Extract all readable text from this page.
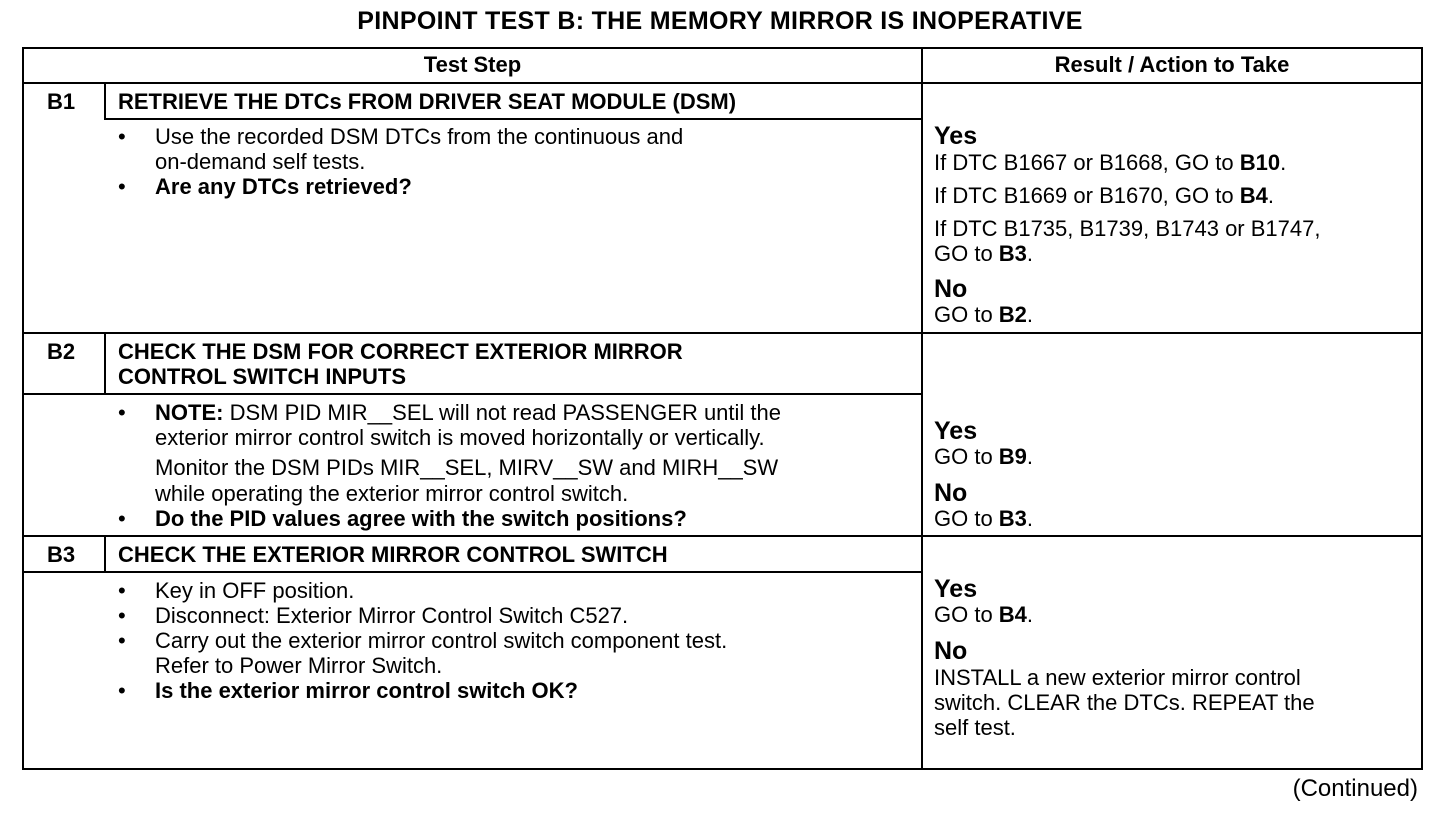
PINPOINT TEST B: THE MEMORY MIRROR IS INOPERATIVE
Test Step	Result / Action to Take
B1 RETRIEVE THE DTCs FROM DRIVER SEAT MODULE (DSM)
• Use the recorded DSM DTCs from the continuous and
on-demand self tests.
• Are any DTCs retrieved?
Yes
If DTC B1667 or B1668, GO to B10.
If DTC B1669 or B1670, GO to B4.
If DTC B1735, B1739, B1743 or B1747,
GO to B3.
No
GO to B2.
B2 CHECK THE DSM FOR CORRECT EXTERIOR MIRROR
CONTROL SWITCH INPUTS
• NOTE: DSM PID MIR__SEL will not read PASSENGER until the
exterior mirror control switch is moved horizontally or vertically.
Monitor the DSM PIDs MIR__SEL, MIRV__SW and MIRH__SW
while operating the exterior mirror control switch.
• Do the PID values agree with the switch positions?
Yes
GO to B9.
No
GO to B3.
B3 CHECK THE EXTERIOR MIRROR CONTROL SWITCH
• Key in OFF position.
• Disconnect: Exterior Mirror Control Switch C527.
• Carry out the exterior mirror control switch component test.
Refer to Power Mirror Switch.
• Is the exterior mirror control switch OK?
Yes
GO to B4.
No
INSTALL a new exterior mirror control
switch. CLEAR the DTCs. REPEAT the
self test.
(Continued)
